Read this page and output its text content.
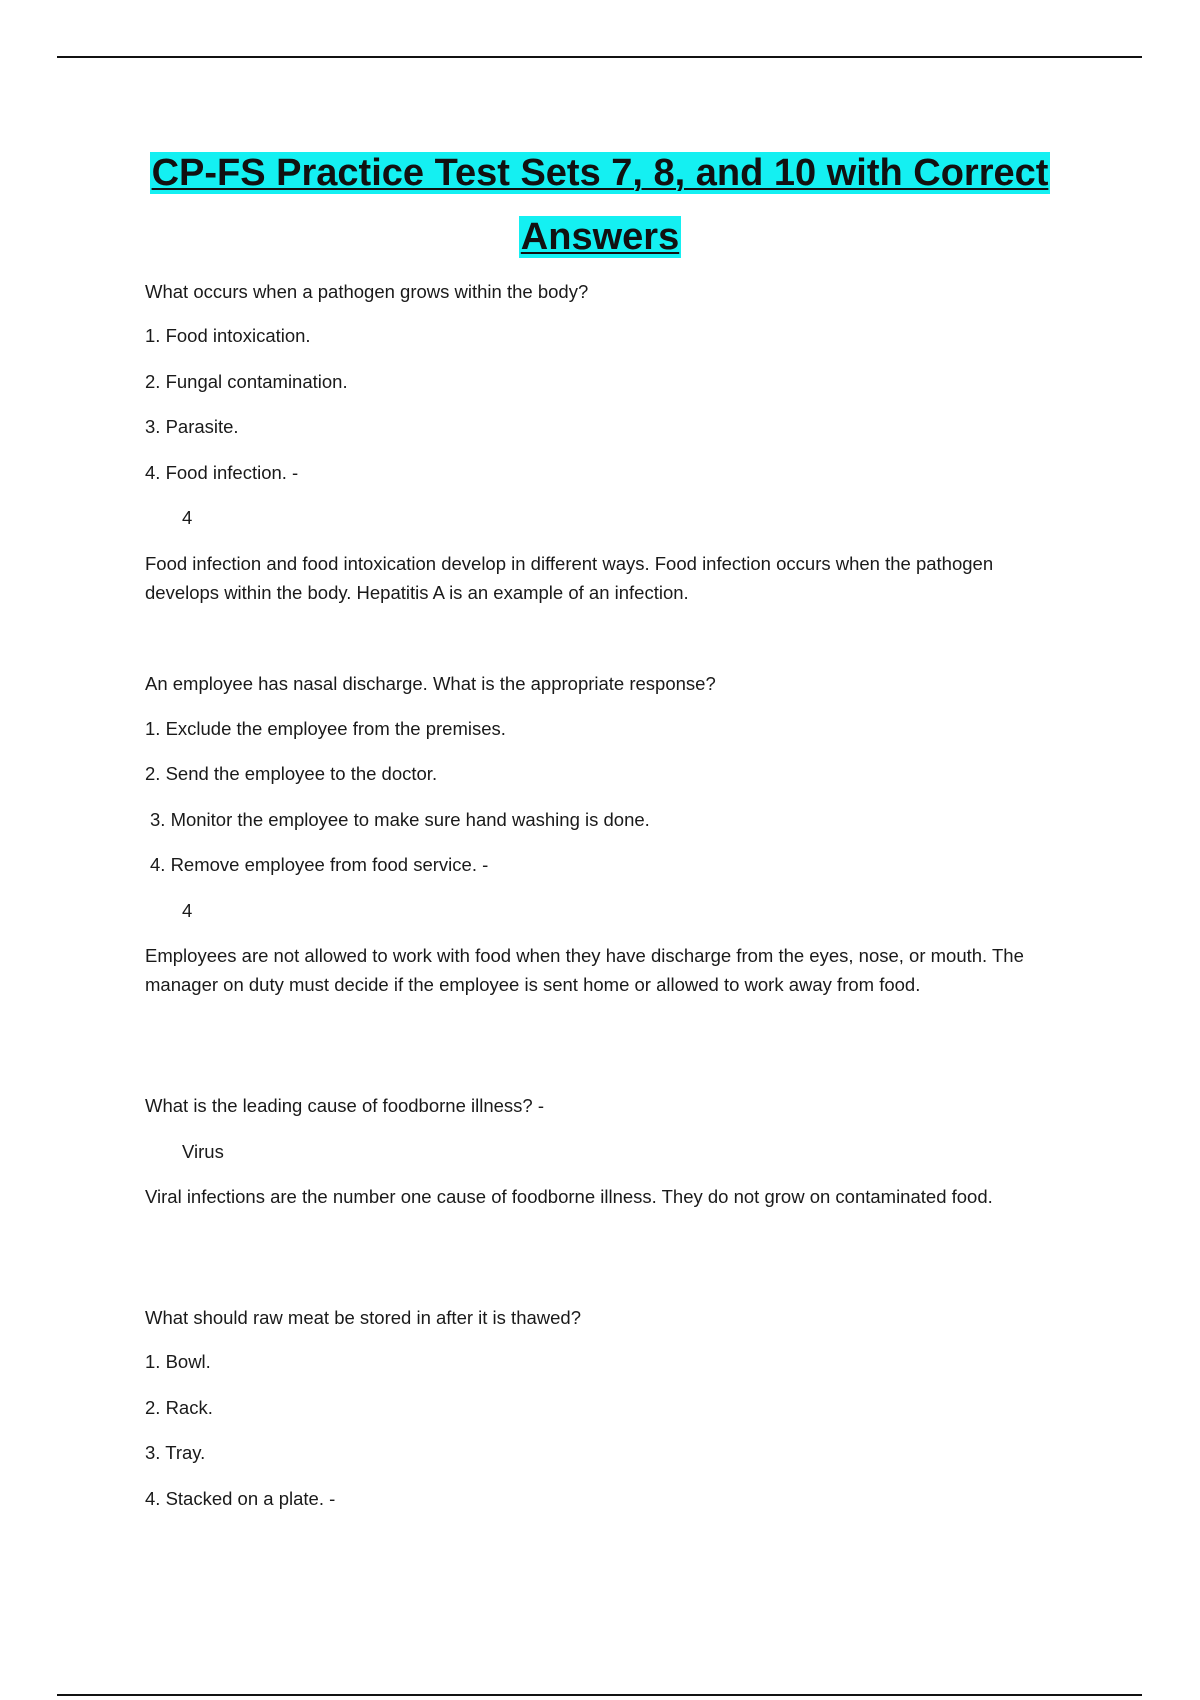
CP-FS Practice Test Sets 7, 8, and 10 with Correct Answers
What occurs when a pathogen grows within the body?
1. Food intoxication.
2. Fungal contamination.
3. Parasite.
4. Food infection. -
4
Food infection and food intoxication develop in different ways. Food infection occurs when the pathogen develops within the body. Hepatitis A is an example of an infection.
An employee has nasal discharge. What is the appropriate response?
1. Exclude the employee from the premises.
2. Send the employee to the doctor.
3. Monitor the employee to make sure hand washing is done.
4. Remove employee from food service. -
4
Employees are not allowed to work with food when they have discharge from the eyes, nose, or mouth. The manager on duty must decide if the employee is sent home or allowed to work away from food.
What is the leading cause of foodborne illness? -
Virus
Viral infections are the number one cause of foodborne illness. They do not grow on contaminated food.
What should raw meat be stored in after it is thawed?
1. Bowl.
2. Rack.
3. Tray.
4. Stacked on a plate. -
